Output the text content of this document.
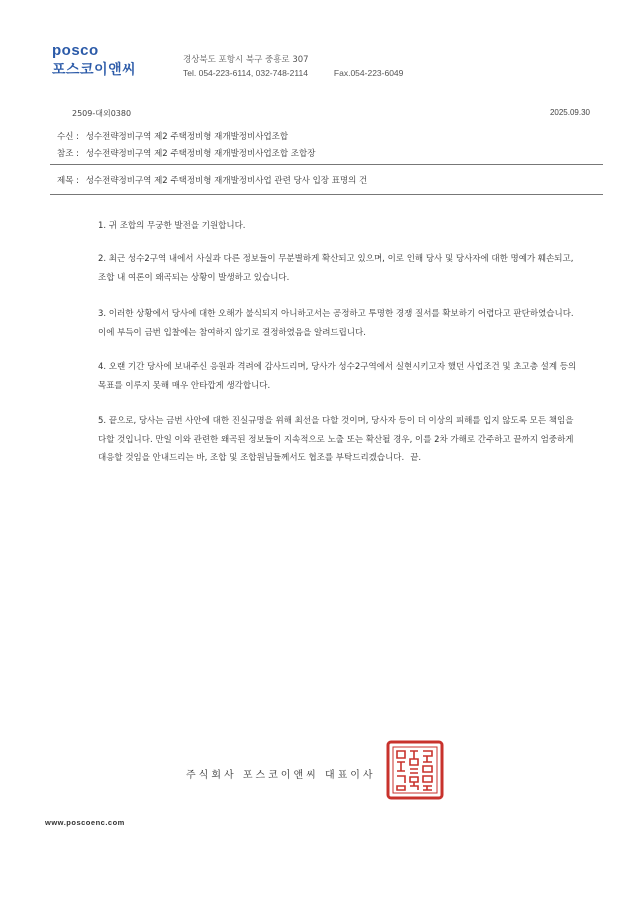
posco
포스코이앤씨
경상북도 포항시 북구 중흥로 307
Tel. 054-223-6114, 032-748-2114	Fax.054-223-6049
2509-대외0380	2025.09.30
수신 : 성수전략정비구역 제2 주택정비형 재개발정비사업조합
참조 : 성수전략정비구역 제2 주택정비형 재개발정비사업조합 조합장
제목 : 성수전략정비구역 제2 주택정비형 재개발정비사업 관련 당사 입장 표명의 건

1. 귀 조합의 무궁한 발전을 기원합니다.

2. 최근 성수2구역 내에서 사실과 다른 정보들이 무분별하게 확산되고 있으며, 이로 인해 당사 및 당사자에 대한 명예가 훼손되고, 조합 내 여론이 왜곡되는 상황이 발생하고 있습니다.

3. 이러한 상황에서 당사에 대한 오해가 불식되지 아니하고서는 공정하고 투명한 경쟁 질서를 확보하기 어렵다고 판단하였습니다. 이에 부득이 금번 입찰에는 참여하지 않기로 결정하였음을 알려드립니다.

4. 오랜 기간 당사에 보내주신 응원과 격려에 감사드리며, 당사가 성수2구역에서 실현시키고자 했던 사업조건 및 초고층 설계 등의 목표를 이루지 못해 매우 안타깝게 생각합니다.

5. 끝으로, 당사는 금번 사안에 대한 진실규명을 위해 최선을 다할 것이며, 당사자 등이 더 이상의 피해를 입지 않도록 모든 책임을 다할 것입니다. 만일 이와 관련한 왜곡된 정보들이 지속적으로 노출 또는 확산될 경우, 이를 2차 가해로 간주하고 끝까지 엄중하게 대응할 것임을 안내드리는 바, 조합 및 조합원님들께서도 협조를 부탁드리겠습니다. 끝.

주식회사 포스코이앤씨 대표이사
www.poscoenc.com
